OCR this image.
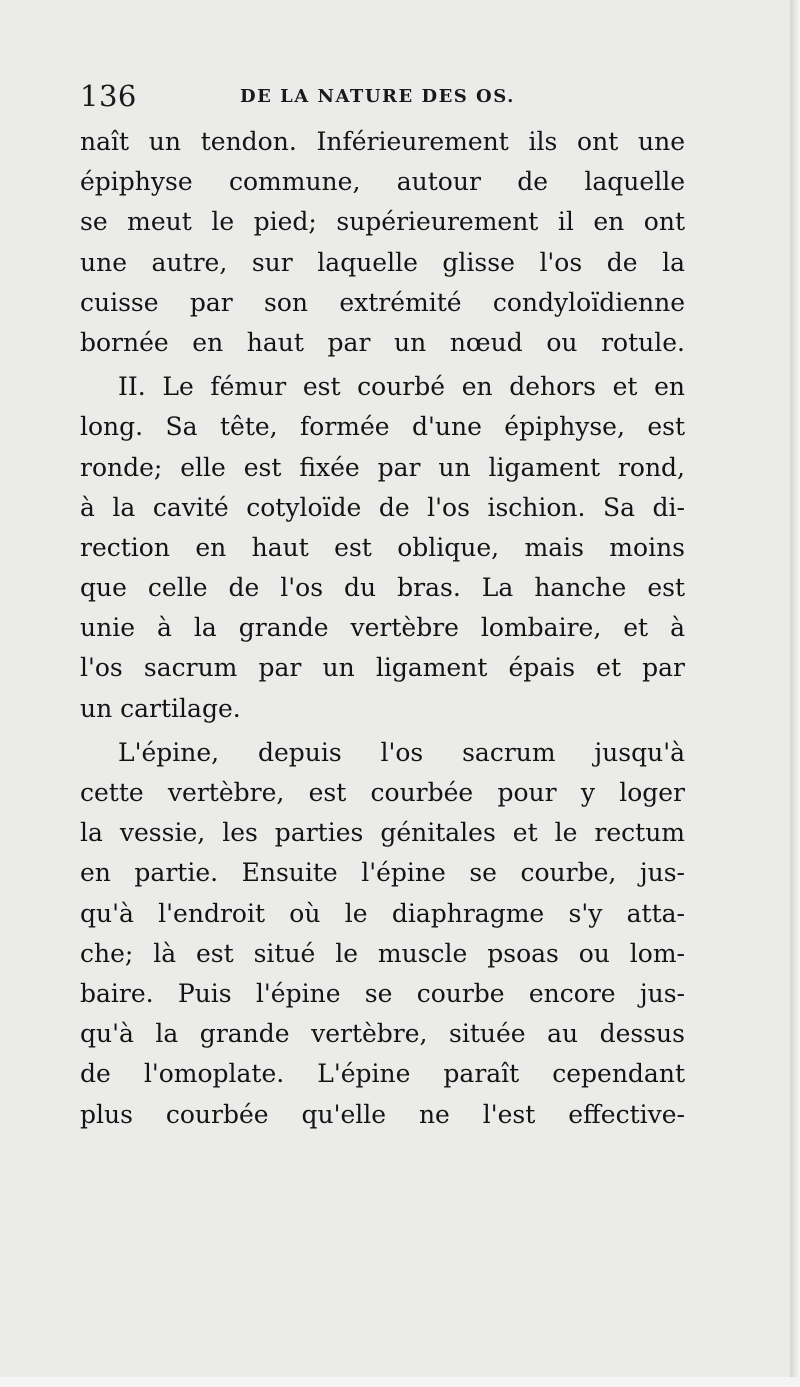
136	DE LA NATURE DES OS.
naît un tendon. Inférieurement ils ont une
épiphyse commune, autour de laquelle
se meut le pied; supérieurement il en ont
une autre, sur laquelle glisse l'os de la
cuisse par son extrémité condyloïdienne
bornée en haut par un nœud ou rotule.
II. Le fémur est courbé en dehors et en
long. Sa tête, formée d'une épiphyse, est
ronde; elle est fixée par un ligament rond,
à la cavité cotyloïde de l'os ischion. Sa di-
rection en haut est oblique, mais moins
que celle de l'os du bras. La hanche est
unie à la grande vertèbre lombaire, et à
l'os sacrum par un ligament épais et par
un cartilage.
L'épine, depuis l'os sacrum jusqu'à
cette vertèbre, est courbée pour y loger
la vessie, les parties génitales et le rectum
en partie. Ensuite l'épine se courbe, jus-
qu'à l'endroit où le diaphragme s'y atta-
che; là est situé le muscle psoas ou lom-
baire. Puis l'épine se courbe encore jus-
qu'à la grande vertèbre, située au dessus
de l'omoplate. L'épine paraît cependant
plus courbée qu'elle ne l'est effective-
